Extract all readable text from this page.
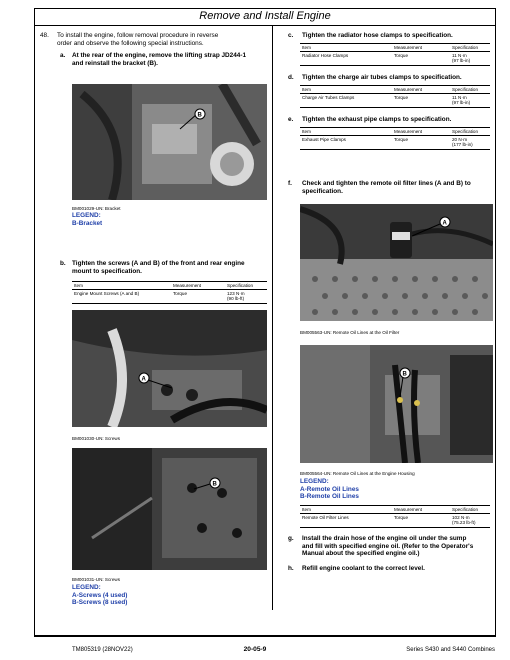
Remove and Install Engine
48. To install the engine, follow removal procedure in reverse
order and observe the following special instructions.
a. At the rear of the engine, remove the lifting strap JD244-1
and reinstall the bracket (B).
B
BM001029-UN: Bracket
LEGEND:
B-Bracket
b. Tighten the screws (A and B) of the front and rear engine
mount to specification.
Item	Measurement	Specification
Engine Mount Screws (A and B)	Torque	123 N·m
(90 lb-ft)
A
BM001030-UN: Screws
B
BM001031-UN: Screws
LEGEND:
A-Screws (4 used)
B-Screws (8 used)
c. Tighten the radiator hose clamps to specification.
Item	Measurement	Specification
Radiator Hose Clamps	Torque	11 N·m
(97 lb-in)
d. Tighten the charge air tubes clamps to specification.
Item	Measurement	Specification
Charge Air Tubes Clamps	Torque	11 N·m
(97 lb-in)
e. Tighten the exhaust pipe clamps to specification.
Item	Measurement	Specification
Exhaust Pipe Clamps	Torque	20 N·m
(177 lb-in)
f. Check and tighten the remote oil filter lines (A and B) to
specification.
A
BM005563-UN: Remote Oil Lines at the Oil Filter
B
BM005564-UN: Remote Oil Lines at the Engine Housing
LEGEND:
A-Remote Oil Lines
B-Remote Oil Lines
Item	Measurement	Specification
Remote Oil Filter Lines	Torque	102 N·m
(75.23 lb-ft)
g. Install the drain hose of the engine oil under the sump
and fill with specified engine oil. (Refer to the Operator's
Manual about the specified engine oil.)
h. Refill engine coolant to the correct level.
TM805319 (28NOV22)	20-05-9	Series S430 and S440 Combines
